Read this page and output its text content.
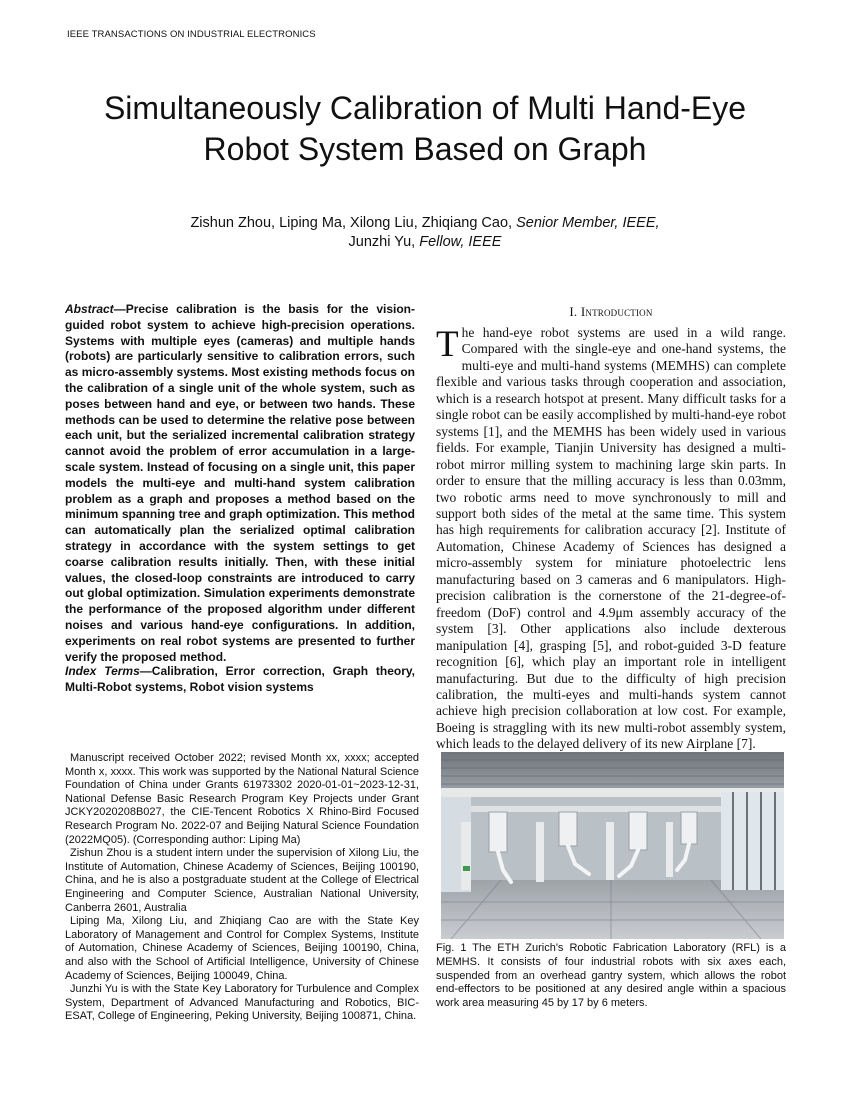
IEEE TRANSACTIONS ON INDUSTRIAL ELECTRONICS
Simultaneously Calibration of Multi Hand-Eye Robot System Based on Graph
Zishun Zhou, Liping Ma, Xilong Liu, Zhiqiang Cao, Senior Member, IEEE,
Junzhi Yu, Fellow, IEEE

Abstract—Precise calibration is the basis for the vision-guided robot system to achieve high-precision operations. Systems with multiple eyes (cameras) and multiple hands (robots) are particularly sensitive to calibration errors, such as micro-assembly systems. Most existing methods focus on the calibration of a single unit of the whole system, such as poses between hand and eye, or between two hands. These methods can be used to determine the relative pose between each unit, but the serialized incremental calibration strategy cannot avoid the problem of error accumulation in a large-scale system. Instead of focusing on a single unit, this paper models the multi-eye and multi-hand system calibration problem as a graph and proposes a method based on the minimum spanning tree and graph optimization. This method can automatically plan the serialized optimal calibration strategy in accordance with the system settings to get coarse calibration results initially. Then, with these initial values, the closed-loop constraints are introduced to carry out global optimization. Simulation experiments demonstrate the performance of the proposed algorithm under different noises and various hand-eye configurations. In addition, experiments on real robot systems are presented to further verify the proposed method.

Index Terms—Calibration, Error correction, Graph theory, Multi-Robot systems, Robot vision systems

Manuscript received October 2022; revised Month xx, xxxx; accepted Month x, xxxx. This work was supported by the National Natural Science Foundation of China under Grants 61973302 2020-01-01~2023-12-31, National Defense Basic Research Program Key Projects under Grant JCKY2020208B027, the CIE-Tencent Robotics X Rhino-Bird Focused Research Program No. 2022-07 and Beijing Natural Science Foundation (2022MQ05). (Corresponding author: Liping Ma)

Zishun Zhou is a student intern under the supervision of Xilong Liu, the Institute of Automation, Chinese Academy of Sciences, Beijing 100190, China, and he is also a postgraduate student at the College of Electrical Engineering and Computer Science, Australian National University, Canberra 2601, Australia

Liping Ma, Xilong Liu, and Zhiqiang Cao are with the State Key Laboratory of Management and Control for Complex Systems, Institute of Automation, Chinese Academy of Sciences, Beijing 100190, China, and also with the School of Artificial Intelligence, University of Chinese Academy of Sciences, Beijing 100049, China.

Junzhi Yu is with the State Key Laboratory for Turbulence and Complex System, Department of Advanced Manufacturing and Robotics, BIC-ESAT, College of Engineering, Peking University, Beijing 100871, China.

I. Introduction

The hand-eye robot systems are used in a wild range. Compared with the single-eye and one-hand systems, the multi-eye and multi-hand systems (MEMHS) can complete flexible and various tasks through cooperation and association, which is a research hotspot at present. Many difficult tasks for a single robot can be easily accomplished by multi-hand-eye robot systems [1], and the MEMHS has been widely used in various fields. For example, Tianjin University has designed a multi-robot mirror milling system to machining large skin parts. In order to ensure that the milling accuracy is less than 0.03mm, two robotic arms need to move synchronously to mill and support both sides of the metal at the same time. This system has high requirements for calibration accuracy [2]. Institute of Automation, Chinese Academy of Sciences has designed a micro-assembly system for miniature photoelectric lens manufacturing based on 3 cameras and 6 manipulators. High-precision calibration is the cornerstone of the 21-degree-of-freedom (DoF) control and 4.9μm assembly accuracy of the system [3]. Other applications also include dexterous manipulation [4], grasping [5], and robot-guided 3-D feature recognition [6], which play an important role in intelligent manufacturing. But due to the difficulty of high precision calibration, the multi-eyes and multi-hands system cannot achieve high precision collaboration at low cost. For example, Boeing is straggling with its new multi-robot assembly system, which leads to the delayed delivery of its new Airplane [7].

Fig. 1 The ETH Zurich's Robotic Fabrication Laboratory (RFL) is a MEMHS. It consists of four industrial robots with six axes each, suspended from an overhead gantry system, which allows the robot end-effectors to be positioned at any desired angle within a spacious work area measuring 45 by 17 by 6 meters.
